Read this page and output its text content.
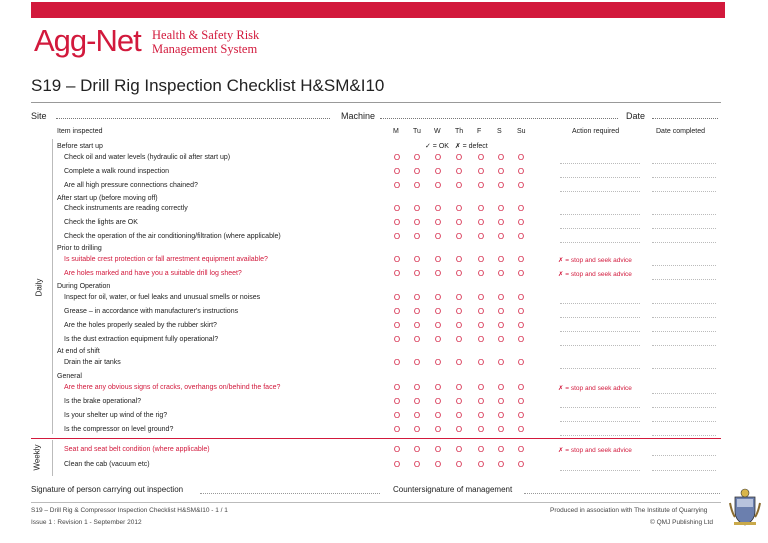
Agg-Net Health & Safety Risk
Management System
S19 – Drill Rig Inspection Checklist H&SM&I10
Site	Machine	Date
Item inspected	M Tu W Th F S Su	Action required	Date completed
✓ = OK ✗ = defect
Before start up
Check oil and water levels (hydraulic oil after start up)	O O O O O O O
Complete a walk round inspection	O O O O O O O
Are all high pressure connections chained?	O O O O O O O
After start up (before moving off)
Check instruments are reading correctly	O O O O O O O
Check the lights are OK	O O O O O O O
Check the operation of the air conditioning/filtration (where applicable)	O O O O O O O
Prior to drilling
Is suitable crest protection or fall arrestment equipment available?	O O O O O O O	✗ = stop and seek advice
Are holes marked and have you a suitable drill log sheet?	O O O O O O O	✗ = stop and seek advice
During Operation
Inspect for oil, water, or fuel leaks and unusual smells or noises	O O O O O O O
Grease – in accordance with manufacturer's instructions	O O O O O O O
Are the holes properly sealed by the rubber skirt?	O O O O O O O
Is the dust extraction equipment fully operational?	O O O O O O O
At end of shift
Drain the air tanks	O O O O O O O
General
Are there any obvious signs of cracks, overhangs on/behind the face?	O O O O O O O	✗ = stop and seek advice
Is the brake operational?	O O O O O O O
Is your shelter up wind of the rig?	O O O O O O O
Is the compressor on level ground?	O O O O O O O
Seat and seat belt condition (where applicable)	O O O O O O O	✗ = stop and seek advice
Clean the cab (vacuum etc)	O O O O O O O
Daily
Weekly
Signature of person carrying out inspection	Countersignature of management
S19 – Drill Rig & Compressor Inspection Checklist H&SM&I10 - 1 / 1
Issue 1 : Revision 1 - September 2012
Produced in association with The Institute of Quarrying
© QMJ Publishing Ltd
